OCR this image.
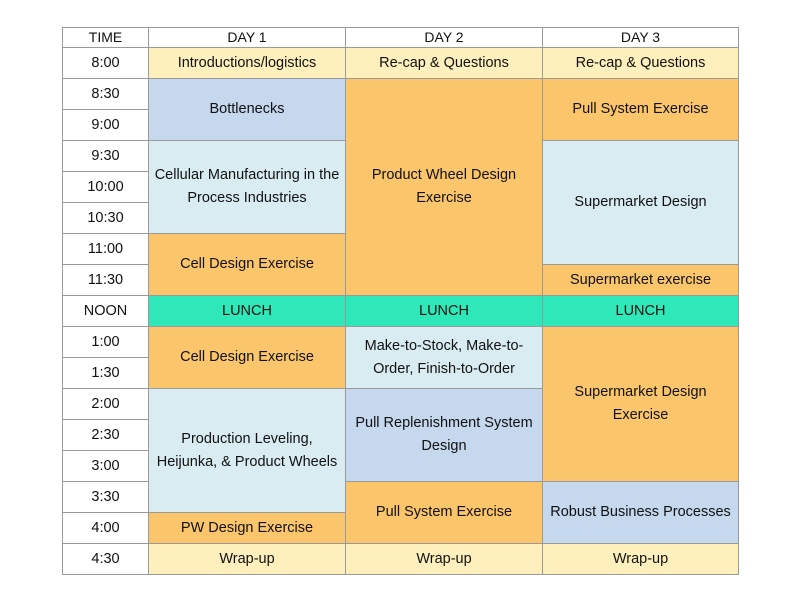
TIME	DAY 1	DAY 2	DAY 3
8:00	Introductions/logistics	Re-cap & Questions	Re-cap & Questions
8:30	Bottlenecks	Product Wheel Design Exercise	Pull System Exercise
9:00			
9:30	Cellular Manufacturing in the Process Industries		Supermarket Design
10:00			
10:30			
11:00	Cell Design Exercise		
11:30			Supermarket exercise
NOON	LUNCH	LUNCH	LUNCH
1:00	Cell Design Exercise	Make-to-Stock, Make-to-Order, Finish-to-Order	Supermarket Design Exercise
1:30			
2:00	Production Leveling, Heijunka, & Product Wheels	Pull Replenishment System Design	
2:30			
3:00			
3:30		Pull System Exercise	Robust Business Processes
4:00	PW Design Exercise		
4:30	Wrap-up	Wrap-up	Wrap-up
